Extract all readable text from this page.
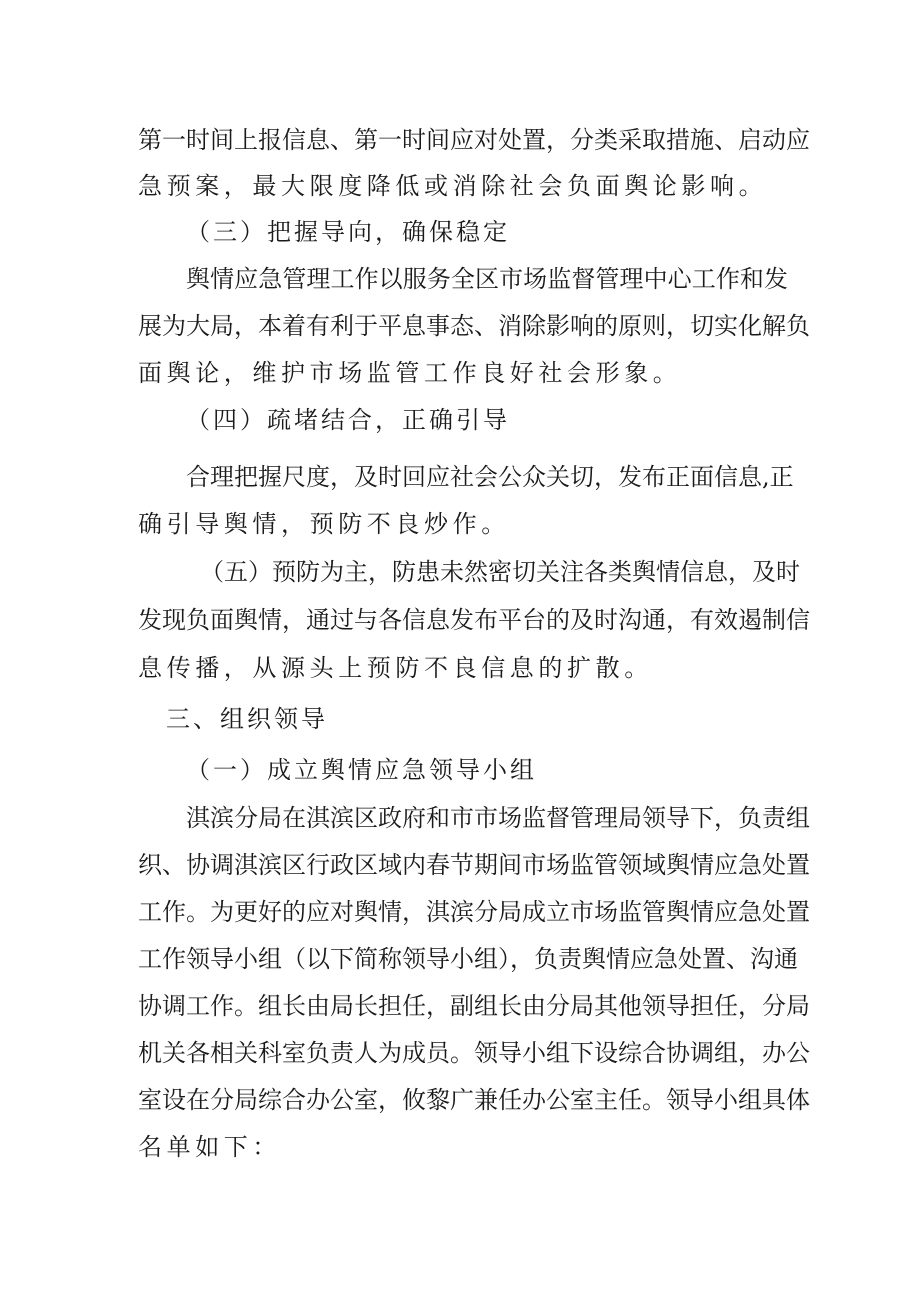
第一时间上报信息、第一时间应对处置，分类采取措施、启动应
急预案，最大限度降低或消除社会负面舆论影响。
（三）把握导向，确保稳定
舆情应急管理工作以服务全区市场监督管理中心工作和发
展为大局，本着有利于平息事态、消除影响的原则，切实化解负
面舆论，维护市场监管工作良好社会形象。
（四）疏堵结合，正确引导
合理把握尺度，及时回应社会公众关切，发布正面信息,正
确引导舆情，预防不良炒作。
（五）预防为主，防患未然密切关注各类舆情信息，及时
发现负面舆情，通过与各信息发布平台的及时沟通，有效遏制信
息传播，从源头上预防不良信息的扩散。
三、组织领导
（一）成立舆情应急领导小组
淇滨分局在淇滨区政府和市市场监督管理局领导下，负责组
织、协调淇滨区行政区域内春节期间市场监管领域舆情应急处置
工作。为更好的应对舆情，淇滨分局成立市场监管舆情应急处置
工作领导小组（以下简称领导小组），负责舆情应急处置、沟通
协调工作。组长由局长担任，副组长由分局其他领导担任，分局
机关各相关科室负责人为成员。领导小组下设综合协调组，办公
室设在分局综合办公室，攸黎广兼任办公室主任。领导小组具体
名单如下：
